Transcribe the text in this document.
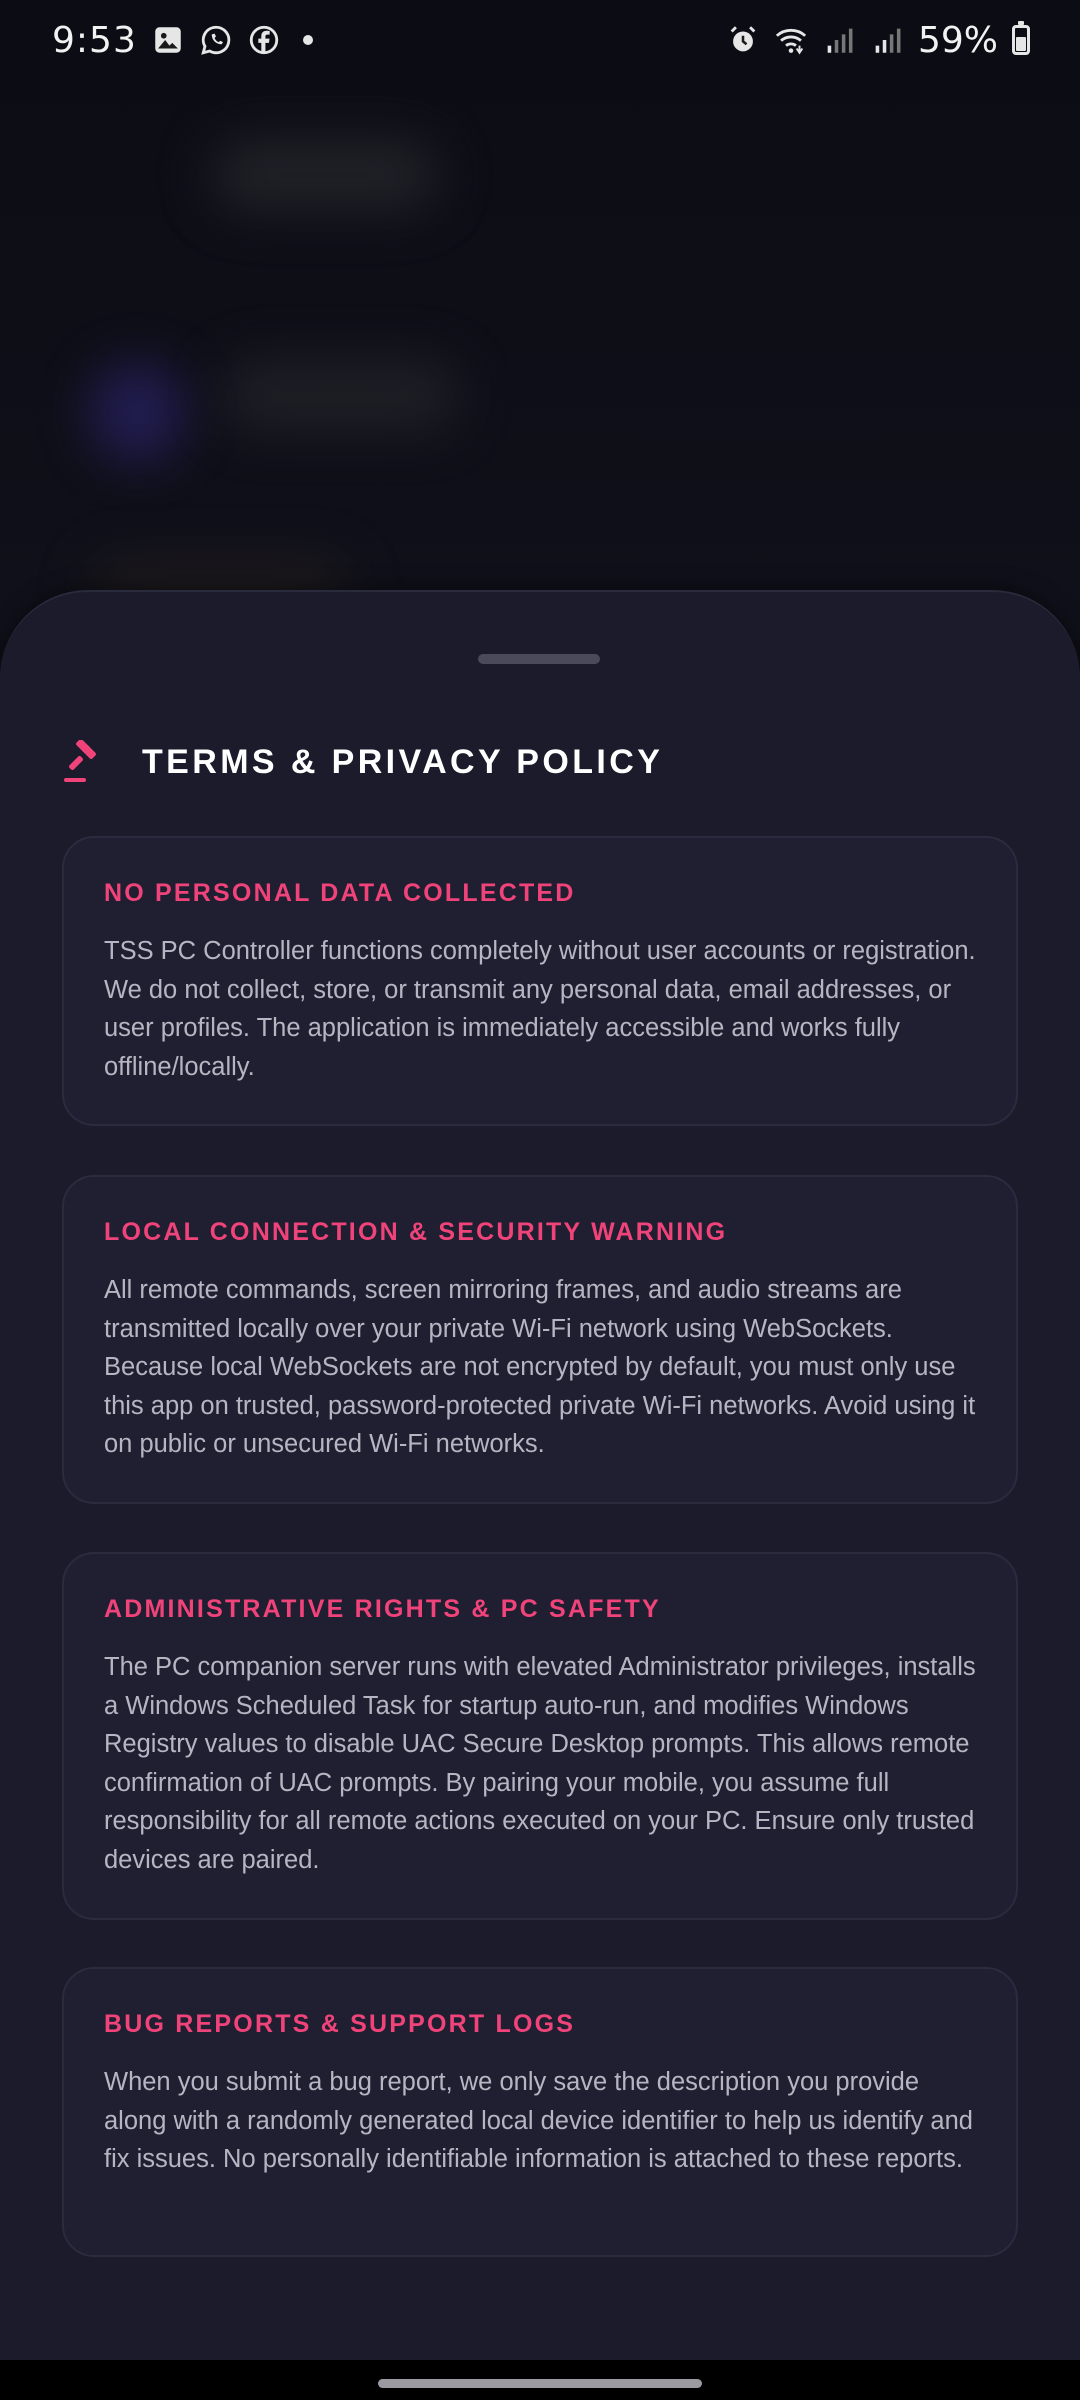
9:53	59%
TERMS & PRIVACY POLICY
NO PERSONAL DATA COLLECTED

TSS PC Controller functions completely without user accounts or registration. We do not collect, store, or transmit any personal data, email addresses, or user profiles. The application is immediately accessible and works fully offline/locally.

LOCAL CONNECTION & SECURITY WARNING

All remote commands, screen mirroring frames, and audio streams are transmitted locally over your private Wi-Fi network using WebSockets. Because local WebSockets are not encrypted by default, you must only use this app on trusted, password-protected private Wi-Fi networks. Avoid using it on public or unsecured Wi-Fi networks.

ADMINISTRATIVE RIGHTS & PC SAFETY

The PC companion server runs with elevated Administrator privileges, installs a Windows Scheduled Task for startup auto-run, and modifies Windows Registry values to disable UAC Secure Desktop prompts. This allows remote confirmation of UAC prompts. By pairing your mobile, you assume full responsibility for all remote actions executed on your PC. Ensure only trusted devices are paired.

BUG REPORTS & SUPPORT LOGS

When you submit a bug report, we only save the description you provide along with a randomly generated local device identifier to help us identify and fix issues. No personally identifiable information is attached to these reports.
